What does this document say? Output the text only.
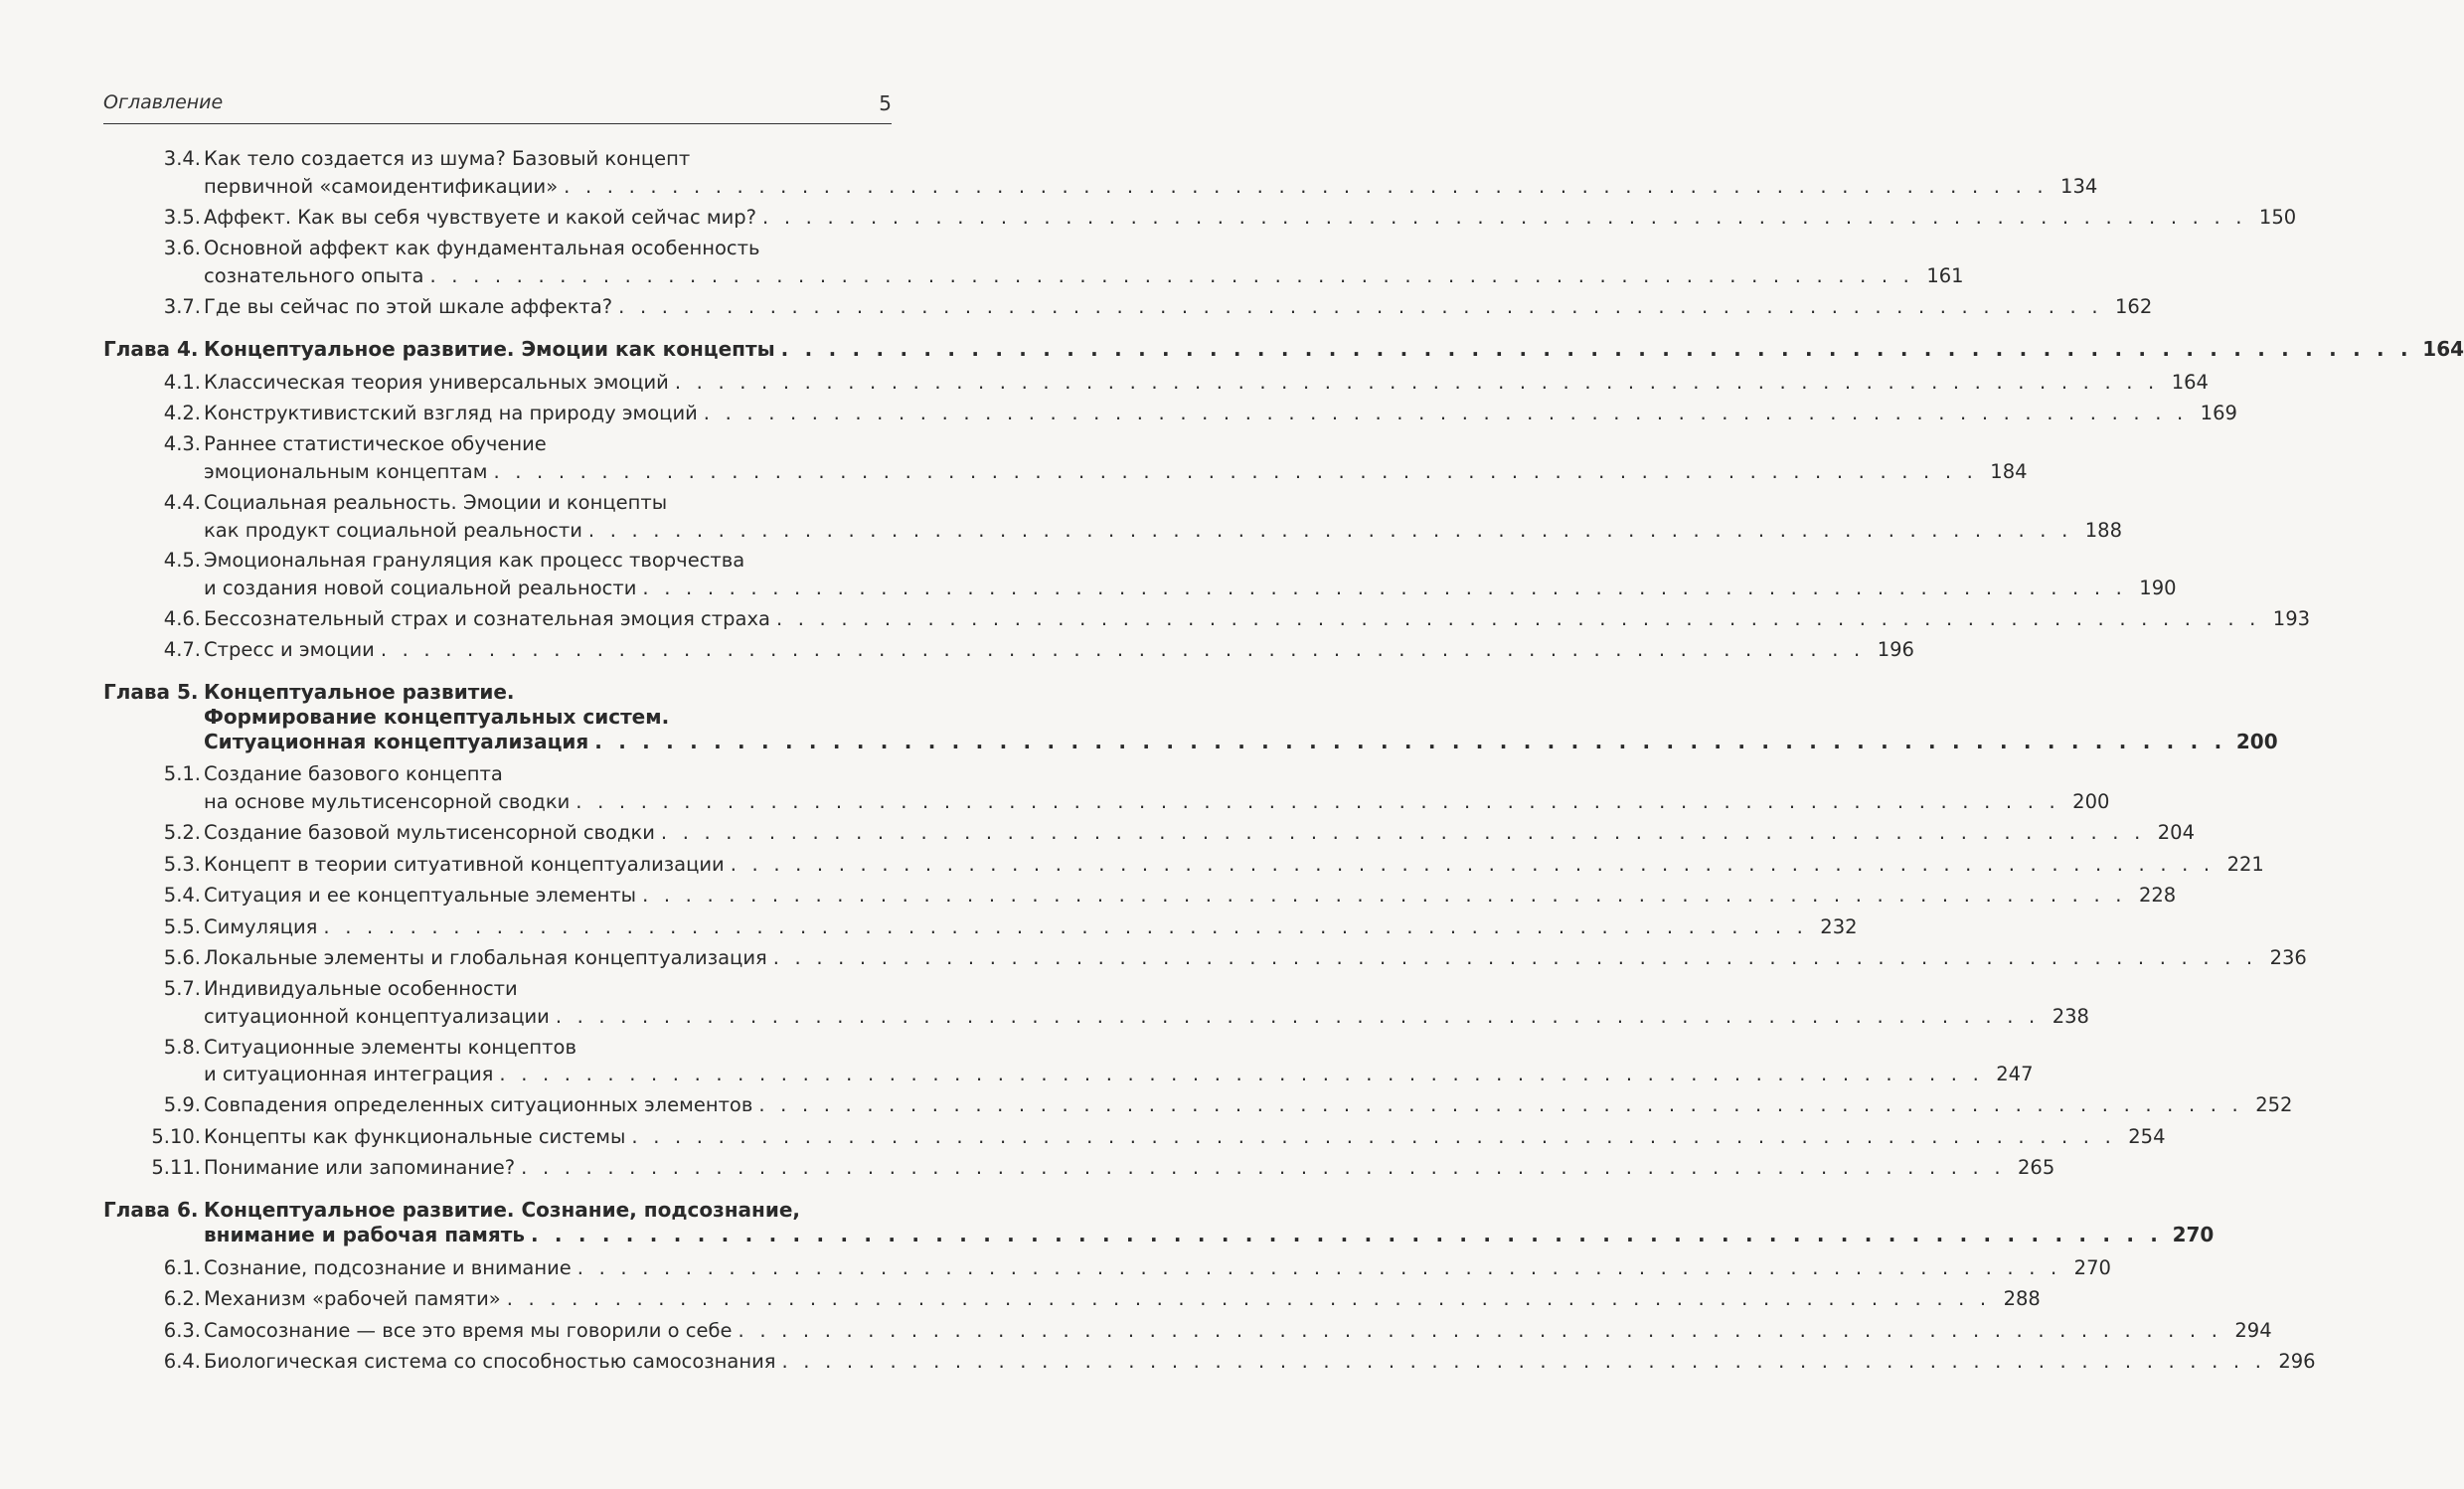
Оглавление	5
3.4. Как тело создается из шума? Базовый концепт
первичной «самоидентификации» . . . . . . . . . . . . . . . . . . . . . . . . . . . . . . . . . . . . . . . . . . . . . . . . . . . . . . . . . . . . . . . . . . . . . 134
3.5. Аффект. Как вы себя чувствуете и какой сейчас мир? . . . . . . . . . . . . . . . . . . . . . . . . . . . . . . . . . . . . . . . . . . . . . . . . . . . . . . . . . . . . . . . . . . . . . 150
3.6. Основной аффект как фундаментальная особенность
сознательного опыта . . . . . . . . . . . . . . . . . . . . . . . . . . . . . . . . . . . . . . . . . . . . . . . . . . . . . . . . . . . . . . . . . . . . . 161
3.7. Где вы сейчас по этой шкале аффекта? . . . . . . . . . . . . . . . . . . . . . . . . . . . . . . . . . . . . . . . . . . . . . . . . . . . . . . . . . . . . . . . . . . . . . 162
Глава 4. Концептуальное развитие. Эмоции как концепты . . . . . . . . . . . . . . . . . . . . . . . . . . . . . . . . . . . . . . . . . . . . . . . . . . . . . . . . . . . . . . . . . . . . . 164
4.1. Классическая теория универсальных эмоций . . . . . . . . . . . . . . . . . . . . . . . . . . . . . . . . . . . . . . . . . . . . . . . . . . . . . . . . . . . . . . . . . . . . . 164
4.2. Конструктивистский взгляд на природу эмоций . . . . . . . . . . . . . . . . . . . . . . . . . . . . . . . . . . . . . . . . . . . . . . . . . . . . . . . . . . . . . . . . . . . . . 169
4.3. Раннее статистическое обучение
эмоциональным концептам . . . . . . . . . . . . . . . . . . . . . . . . . . . . . . . . . . . . . . . . . . . . . . . . . . . . . . . . . . . . . . . . . . . . . 184
4.4. Социальная реальность. Эмоции и концепты
как продукт социальной реальности . . . . . . . . . . . . . . . . . . . . . . . . . . . . . . . . . . . . . . . . . . . . . . . . . . . . . . . . . . . . . . . . . . . . . 188
4.5. Эмоциональная грануляция как процесс творчества
и создания новой социальной реальности . . . . . . . . . . . . . . . . . . . . . . . . . . . . . . . . . . . . . . . . . . . . . . . . . . . . . . . . . . . . . . . . . . . . . 190
4.6. Бессознательный страх и сознательная эмоция страха . . . . . . . . . . . . . . . . . . . . . . . . . . . . . . . . . . . . . . . . . . . . . . . . . . . . . . . . . . . . . . . . . . . . . 193
4.7. Стресс и эмоции . . . . . . . . . . . . . . . . . . . . . . . . . . . . . . . . . . . . . . . . . . . . . . . . . . . . . . . . . . . . . . . . . . . . . 196
Глава 5. Концептуальное развитие.
Формирование концептуальных систем.
Ситуационная концептуализация . . . . . . . . . . . . . . . . . . . . . . . . . . . . . . . . . . . . . . . . . . . . . . . . . . . . . . . . . . . . . . . . . . . . . 200
5.1. Создание базового концепта
на основе мультисенсорной сводки . . . . . . . . . . . . . . . . . . . . . . . . . . . . . . . . . . . . . . . . . . . . . . . . . . . . . . . . . . . . . . . . . . . . . 200
5.2. Создание базовой мультисенсорной сводки . . . . . . . . . . . . . . . . . . . . . . . . . . . . . . . . . . . . . . . . . . . . . . . . . . . . . . . . . . . . . . . . . . . . . 204
5.3. Концепт в теории ситуативной концептуализации . . . . . . . . . . . . . . . . . . . . . . . . . . . . . . . . . . . . . . . . . . . . . . . . . . . . . . . . . . . . . . . . . . . . . 221
5.4. Ситуация и ее концептуальные элементы . . . . . . . . . . . . . . . . . . . . . . . . . . . . . . . . . . . . . . . . . . . . . . . . . . . . . . . . . . . . . . . . . . . . . 228
5.5. Симуляция . . . . . . . . . . . . . . . . . . . . . . . . . . . . . . . . . . . . . . . . . . . . . . . . . . . . . . . . . . . . . . . . . . . . . 232
5.6. Локальные элементы и глобальная концептуализация . . . . . . . . . . . . . . . . . . . . . . . . . . . . . . . . . . . . . . . . . . . . . . . . . . . . . . . . . . . . . . . . . . . . . 236
5.7. Индивидуальные особенности
ситуационной концептуализации . . . . . . . . . . . . . . . . . . . . . . . . . . . . . . . . . . . . . . . . . . . . . . . . . . . . . . . . . . . . . . . . . . . . . 238
5.8. Ситуационные элементы концептов
и ситуационная интеграция . . . . . . . . . . . . . . . . . . . . . . . . . . . . . . . . . . . . . . . . . . . . . . . . . . . . . . . . . . . . . . . . . . . . . 247
5.9. Совпадения определенных ситуационных элементов . . . . . . . . . . . . . . . . . . . . . . . . . . . . . . . . . . . . . . . . . . . . . . . . . . . . . . . . . . . . . . . . . . . . . 252
5.10. Концепты как функциональные системы . . . . . . . . . . . . . . . . . . . . . . . . . . . . . . . . . . . . . . . . . . . . . . . . . . . . . . . . . . . . . . . . . . . . . 254
5.11. Понимание или запоминание? . . . . . . . . . . . . . . . . . . . . . . . . . . . . . . . . . . . . . . . . . . . . . . . . . . . . . . . . . . . . . . . . . . . . . 265
Глава 6. Концептуальное развитие. Сознание, подсознание,
внимание и рабочая память . . . . . . . . . . . . . . . . . . . . . . . . . . . . . . . . . . . . . . . . . . . . . . . . . . . . . . . . . . . . . . . . . . . . . 270
6.1. Сознание, подсознание и внимание . . . . . . . . . . . . . . . . . . . . . . . . . . . . . . . . . . . . . . . . . . . . . . . . . . . . . . . . . . . . . . . . . . . . . 270
6.2. Механизм «рабочей памяти» . . . . . . . . . . . . . . . . . . . . . . . . . . . . . . . . . . . . . . . . . . . . . . . . . . . . . . . . . . . . . . . . . . . . . 288
6.3. Самосознание — все это время мы говорили о себе . . . . . . . . . . . . . . . . . . . . . . . . . . . . . . . . . . . . . . . . . . . . . . . . . . . . . . . . . . . . . . . . . . . . . 294
6.4. Биологическая система со способностью самосознания . . . . . . . . . . . . . . . . . . . . . . . . . . . . . . . . . . . . . . . . . . . . . . . . . . . . . . . . . . . . . . . . . . . . . 296
